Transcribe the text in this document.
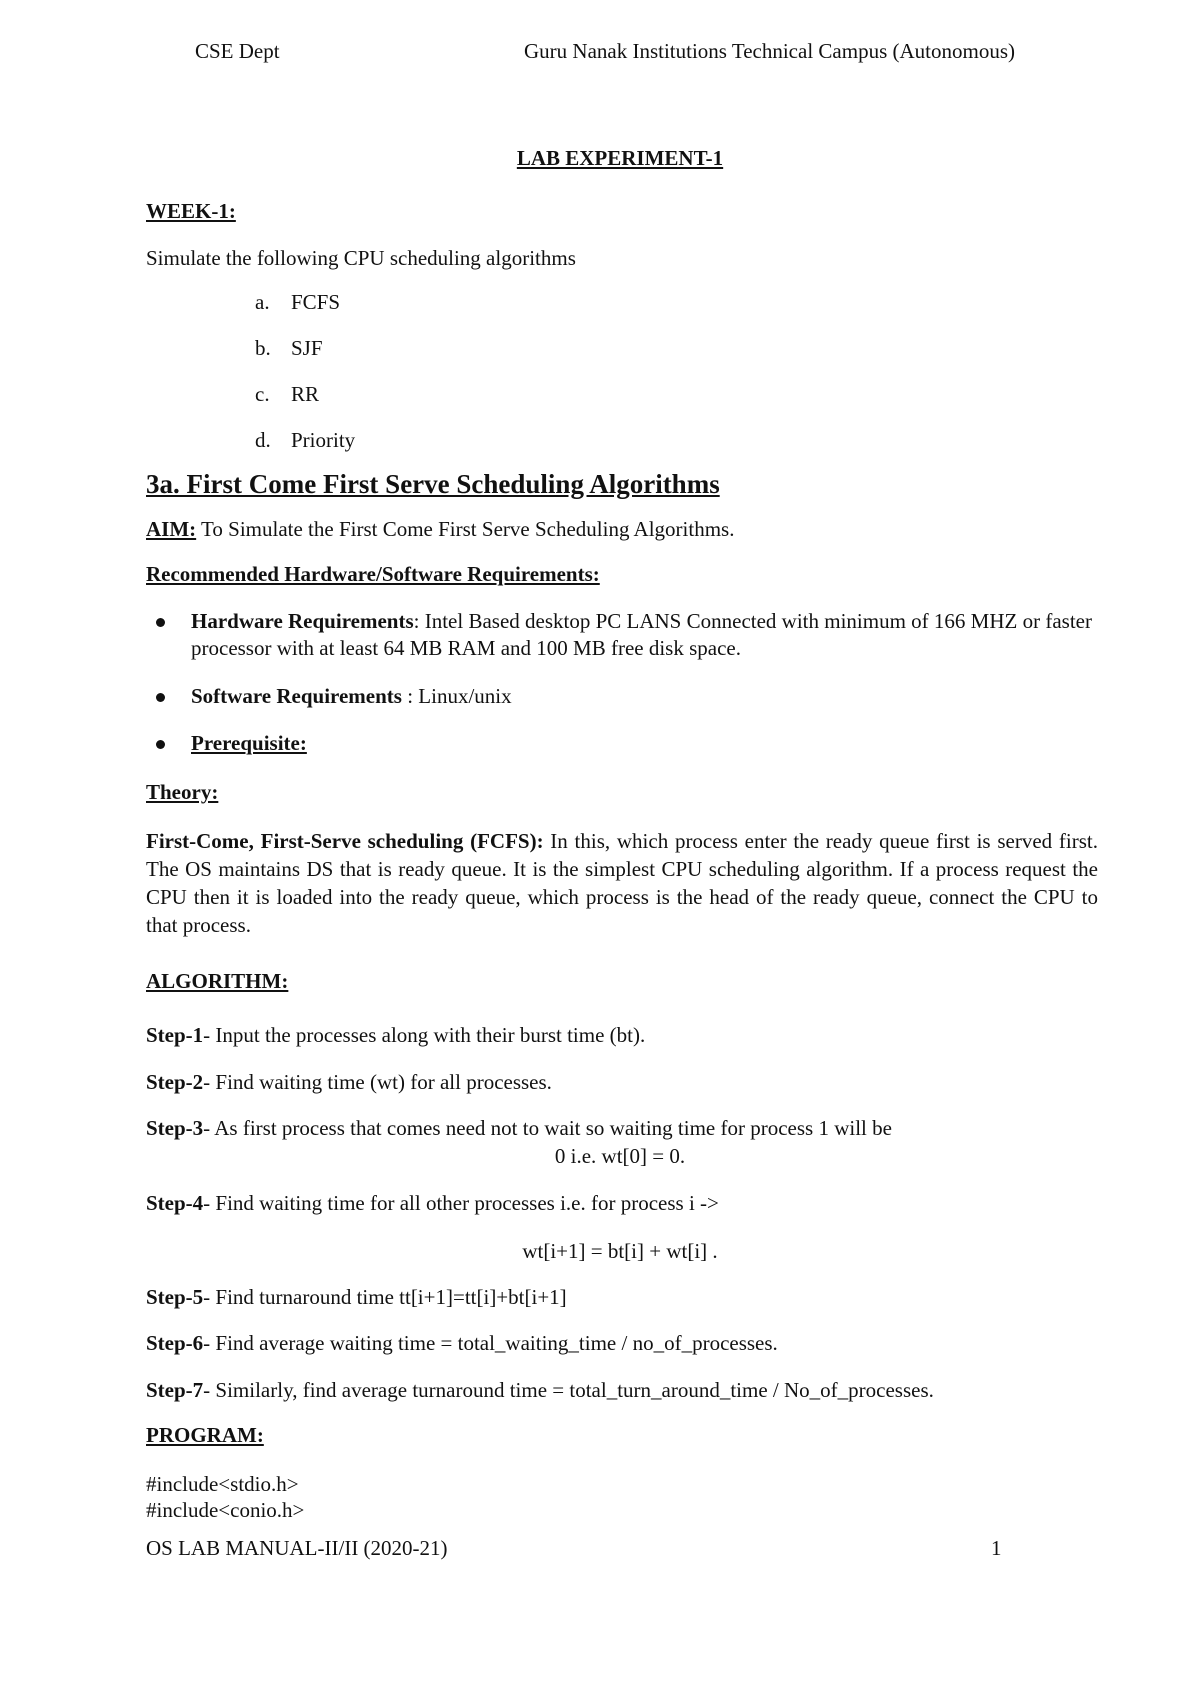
CSE Dept	Guru Nanak Institutions Technical Campus (Autonomous)
LAB EXPERIMENT-1
WEEK-1:
Simulate the following CPU scheduling algorithms
a. FCFS
b. SJF
c. RR
d. Priority
3a. First Come First Serve Scheduling Algorithms
AIM: To Simulate the First Come First Serve Scheduling Algorithms.
Recommended Hardware/Software Requirements:
Hardware Requirements: Intel Based desktop PC LANS Connected with minimum of 166 MHZ or faster processor with at least 64 MB RAM and 100 MB free disk space.
Software Requirements : Linux/unix
Prerequisite:
Theory:
First-Come, First-Serve scheduling (FCFS): In this, which process enter the ready queue first is served first. The OS maintains DS that is ready queue. It is the simplest CPU scheduling algorithm. If a process request the CPU then it is loaded into the ready queue, which process is the head of the ready queue, connect the CPU to that process.
ALGORITHM:
Step-1- Input the processes along with their burst time (bt).
Step-2- Find waiting time (wt) for all processes.
Step-3- As first process that comes need not to wait so waiting time for process 1 will be
0 i.e. wt[0] = 0.
Step-4- Find waiting time for all other processes i.e. for process i ->
wt[i+1] = bt[i] + wt[i] .
Step-5- Find turnaround time tt[i+1]=tt[i]+bt[i+1]
Step-6- Find average waiting time = total_waiting_time / no_of_processes.
Step-7- Similarly, find average turnaround time = total_turn_around_time / No_of_processes.
PROGRAM:
#include<stdio.h>
#include<conio.h>
OS LAB MANUAL-II/II (2020-21)	1
